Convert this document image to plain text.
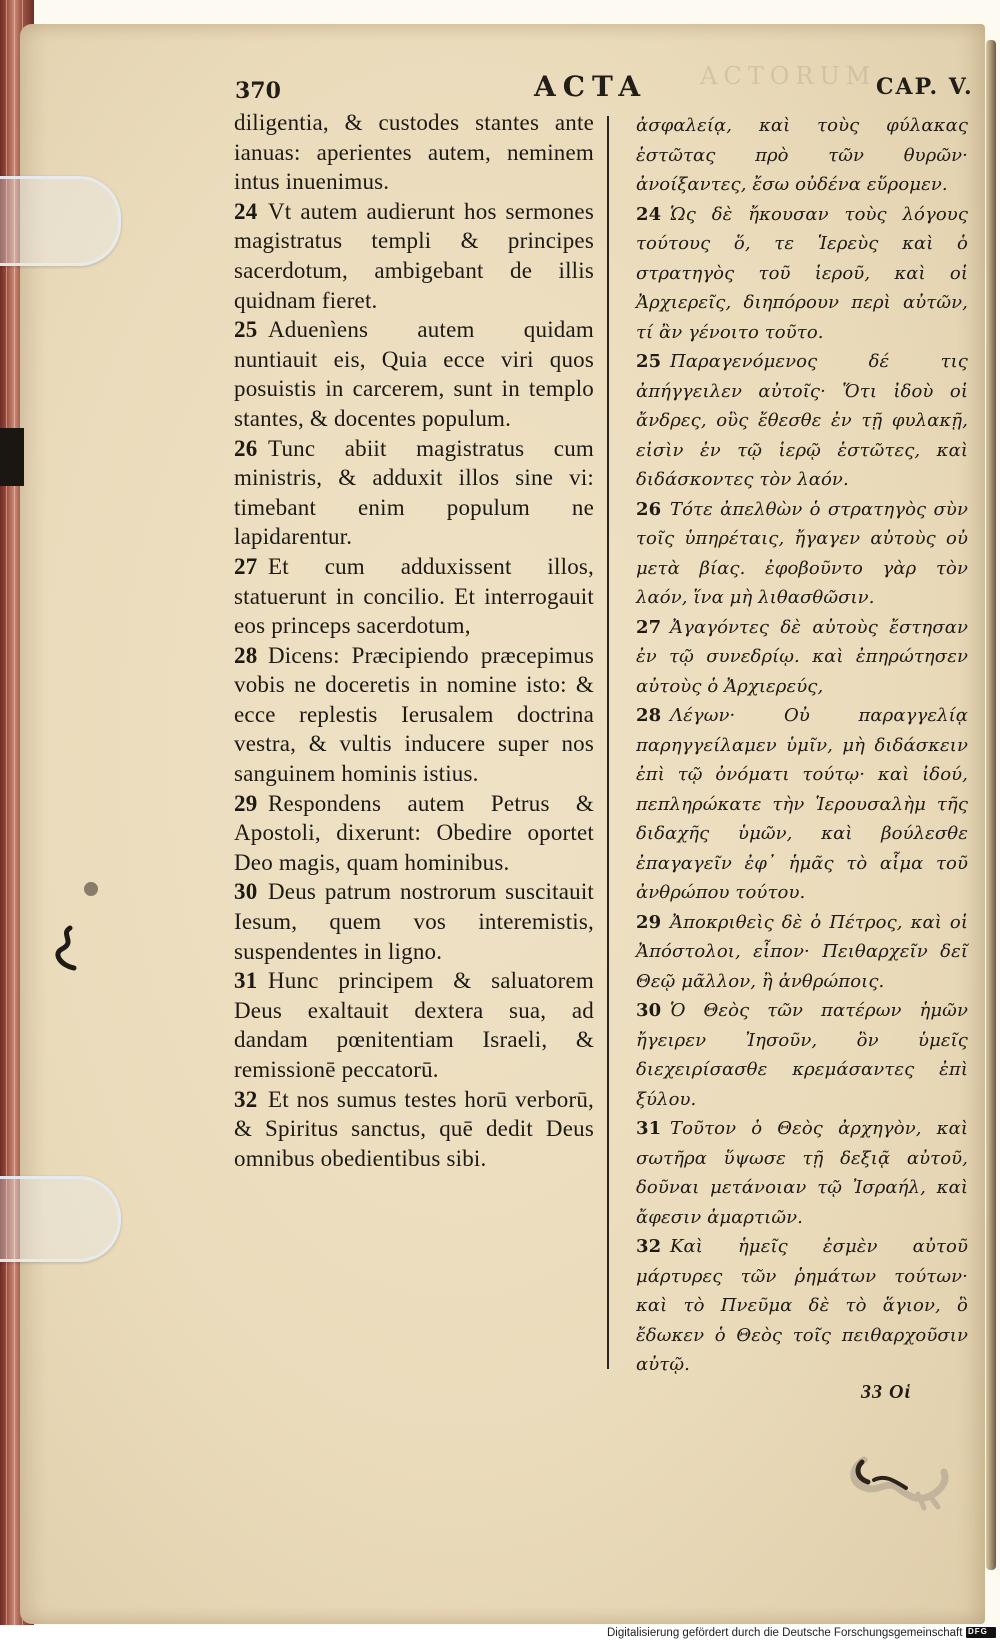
370	ACTA	CAP. V.
ACTORUM

diligentia, & custodes stantes ante ianuas: aperientes autem, neminem intus inuenimus.

24 Vt autem audierunt hos sermones magistratus templi & principes sacerdotum, ambigebant de illis quidnam fieret.

25 Aduenìens autem quidam nuntiauit eis, Quia ecce viri quos posuistis in carcerem, sunt in templo stantes, & docentes populum.

26 Tunc abiit magistratus cum ministris, & adduxit illos sine vi: timebant enim populum ne lapidarentur.

27 Et cum adduxissent illos, statuerunt in concilio. Et interrogauit eos princeps sacerdotum,

28 Dicens: Præcipiendo præcepimus vobis ne doceretis in nomine isto: & ecce replestis Ierusalem doctrina vestra, & vultis inducere super nos sanguinem hominis istius.

29 Respondens autem Petrus & Apostoli, dixerunt: Obedire oportet Deo magis, quam hominibus.

30 Deus patrum nostrorum suscitauit Iesum, quem vos interemistis, suspendentes in ligno.

31 Hunc principem & saluatorem Deus exaltauit dextera sua, ad dandam pœnitentiam Israeli, & remissionē peccatorū.

32 Et nos sumus testes horū verborū, & Spiritus sanctus, quē dedit Deus omnibus obedientibus sibi.

ἀσφαλείᾳ, καὶ τοὺς φύλακας ἑστῶτας πρὸ τῶν θυρῶν· ἀνοίξαντες, ἔσω οὐδένα εὕρομεν.

24 Ὡς δὲ ἤκουσαν τοὺς λόγους τούτους ὅ, τε Ἱερεὺς καὶ ὁ στρατηγὸς τοῦ ἱεροῦ, καὶ οἱ Ἀρχιερεῖς, διηπόρουν περὶ αὐτῶν, τί ἂν γένοιτο τοῦτο.

25 Παραγενόμενος δέ τις ἀπήγγειλεν αὐτοῖς· Ὅτι ἰδοὺ οἱ ἄνδρες, οὓς ἔθεσθε ἐν τῇ φυλακῇ, εἰσὶν ἐν τῷ ἱερῷ ἑστῶτες, καὶ διδάσκοντες τὸν λαόν.

26 Τότε ἀπελθὼν ὁ στρατηγὸς σὺν τοῖς ὑπηρέταις, ἤγαγεν αὐτοὺς οὐ μετὰ βίας. ἐφοβοῦντο γὰρ τὸν λαόν, ἵνα μὴ λιθασθῶσιν.

27 Ἀγαγόντες δὲ αὐτοὺς ἔστησαν ἐν τῷ συνεδρίῳ. καὶ ἐπηρώτησεν αὐτοὺς ὁ Ἀρχιερεύς,

28 Λέγων· Οὐ παραγγελίᾳ παρηγγείλαμεν ὑμῖν, μὴ διδάσκειν ἐπὶ τῷ ὀνόματι τούτῳ· καὶ ἰδού, πεπληρώκατε τὴν Ἱερουσαλὴμ τῆς διδαχῆς ὑμῶν, καὶ βούλεσθε ἐπαγαγεῖν ἐφ᾽ ἡμᾶς τὸ αἷμα τοῦ ἀνθρώπου τούτου.

29 Ἀποκριθεὶς δὲ ὁ Πέτρος, καὶ οἱ Ἀπόστολοι, εἶπον· Πειθαρχεῖν δεῖ Θεῷ μᾶλλον, ἢ ἀνθρώποις.

30 Ὁ Θεὸς τῶν πατέρων ἡμῶν ἤγειρεν Ἰησοῦν, ὃν ὑμεῖς διεχειρίσασθε κρεμάσαντες ἐπὶ ξύλου.

31 Τοῦτον ὁ Θεὸς ἀρχηγὸν, καὶ σωτῆρα ὕψωσε τῇ δεξιᾷ αὐτοῦ, δοῦναι μετάνοιαν τῷ Ἰσραήλ, καὶ ἄφεσιν ἁμαρτιῶν.

32 Καὶ ἡμεῖς ἐσμὲν αὐτοῦ μάρτυρες τῶν ῥημάτων τούτων· καὶ τὸ Πνεῦμα δὲ τὸ ἅγιον, ὃ ἔδωκεν ὁ Θεὸς τοῖς πειθαρχοῦσιν αὐτῷ.

33 Οἱ
Digitalisierung gefördert durch die Deutsche Forschungsgemeinschaft DFG
